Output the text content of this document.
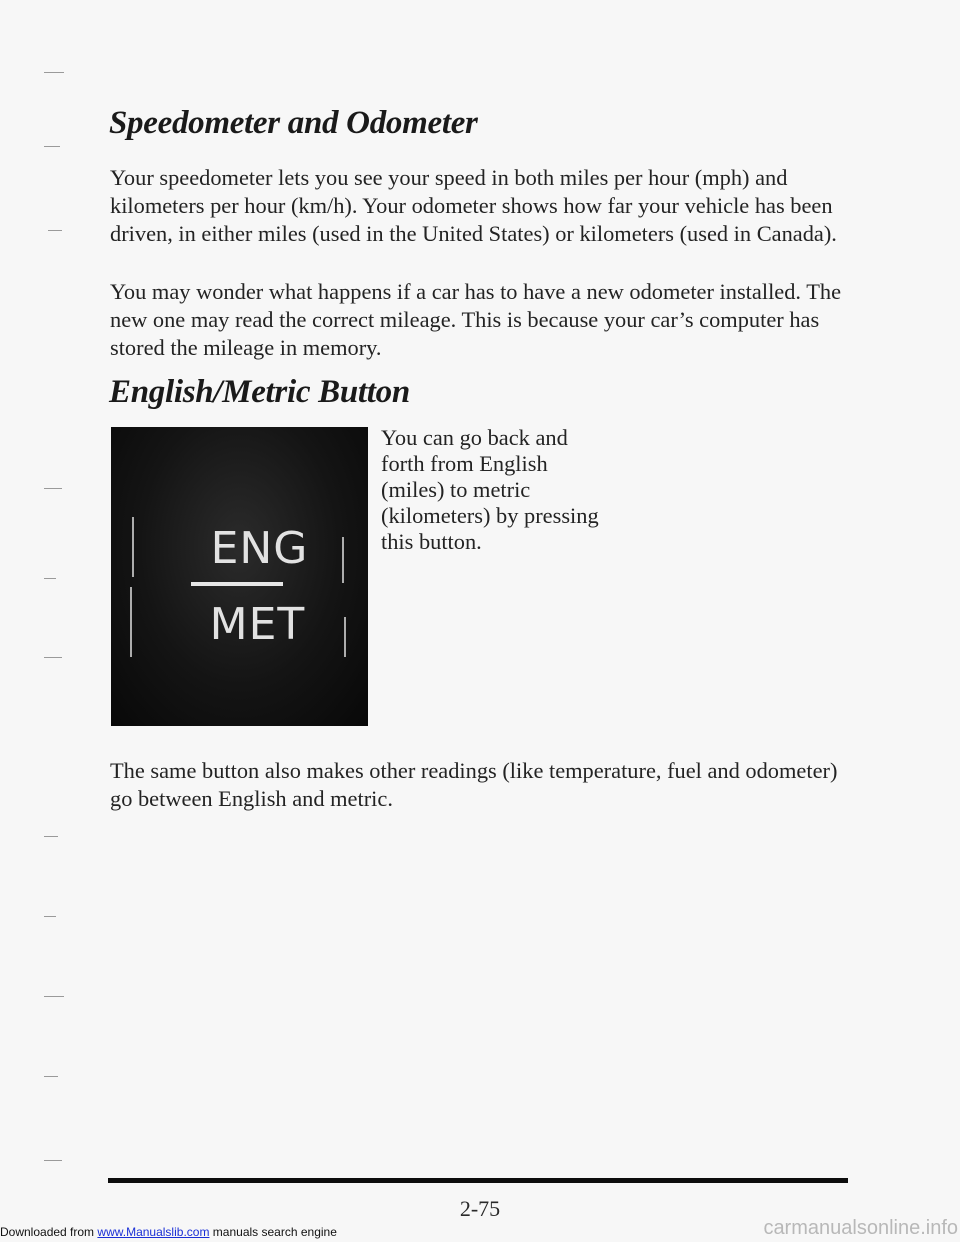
Speedometer and Odometer

Your speedometer lets you see your speed in both miles per hour (mph) and kilometers per hour (km/h). Your odometer shows how far your vehicle has been driven, in either miles (used in the United States) or kilometers (used in Canada).

You may wonder what happens if a car has to have a new odometer installed. The new one may read the correct mileage. This is because your car’s computer has stored the mileage in memory.

English/Metric Button
ENG
MET

You can go back and forth from English (miles) to metric (kilometers) by pressing this button.

The same button also makes other readings (like temperature, fuel and odometer) go between English and metric.

2-75
Downloaded from www.Manualslib.com manuals search engine	carmanualsonline.info
